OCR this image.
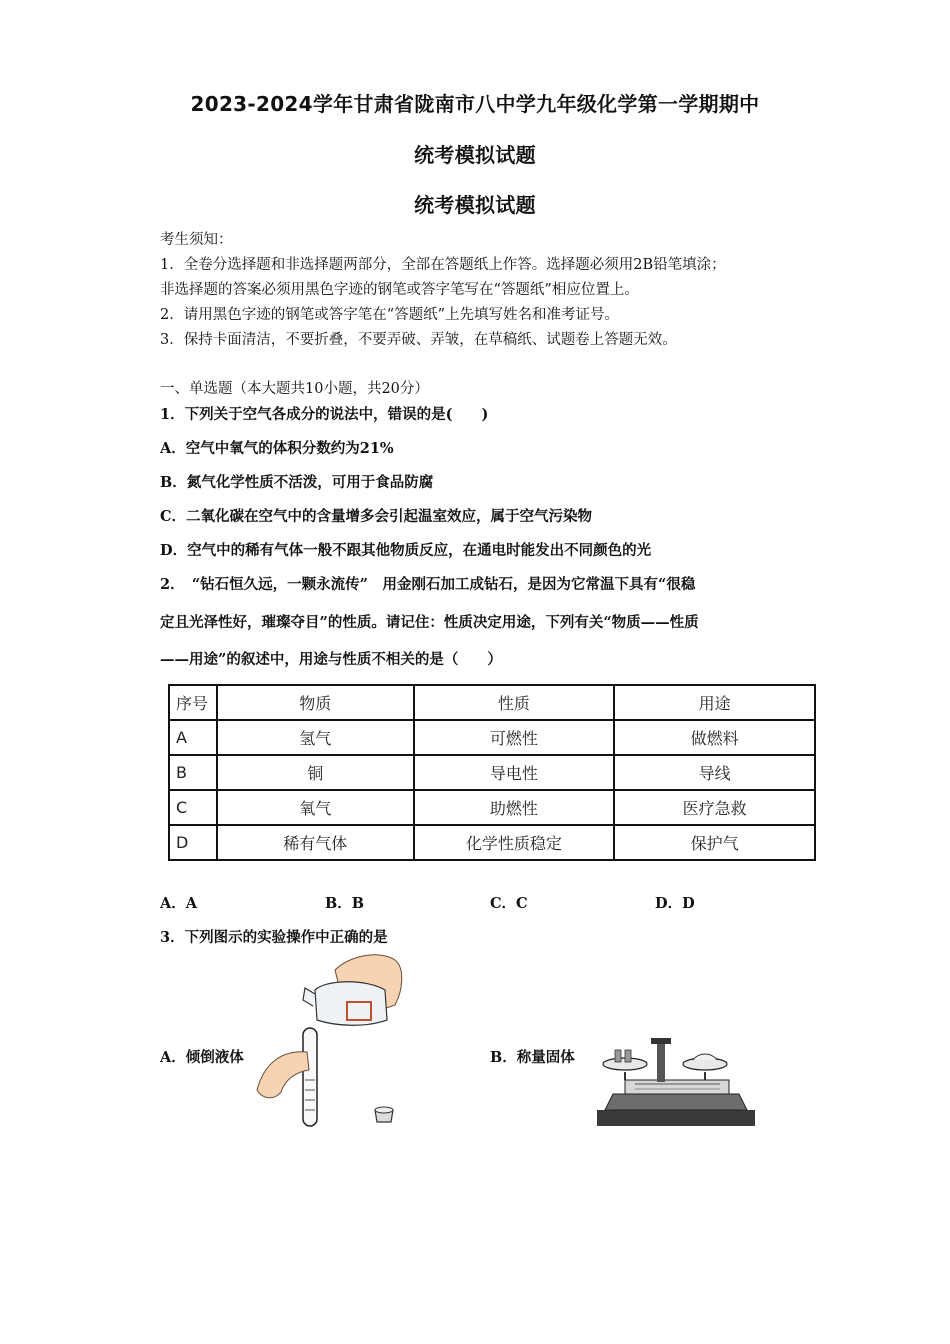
2023-2024学年甘肃省陇南市八中学九年级化学第一学期期中
统考模拟试题
统考模拟试题
考生须知：
1．全卷分选择题和非选择题两部分，全部在答题纸上作答。选择题必须用2B铅笔填涂；
非选择题的答案必须用黑色字迹的钢笔或答字笔写在“答题纸”相应位置上。
2．请用黑色字迹的钢笔或答字笔在“答题纸”上先填写姓名和准考证号。
3．保持卡面清洁，不要折叠，不要弄破、弄皱，在草稿纸、试题卷上答题无效。
一、单选题（本大题共10小题，共20分）
1．下列关于空气各成分的说法中，错误的是(　　)
A．空气中氧气的体积分数约为21%
B．氮气化学性质不活泼，可用于食品防腐
C．二氧化碳在空气中的含量增多会引起温室效应，属于空气污染物
D．空气中的稀有气体一般不跟其他物质反应，在通电时能发出不同颜色的光
2．　“钻石恒久远，一颗永流传”　用金刚石加工成钻石，是因为它常温下具有“很稳
定且光泽性好，璀璨夺目”的性质。请记住：性质决定用途，下列有关“物质——性质
——用途”的叙述中，用途与性质不相关的是（　　）
序号	物质	性质	用途
A	氢气	可燃性	做燃料
B	铜	导电性	导线
C	氧气	助燃性	医疗急救
D	稀有气体	化学性质稳定	保护气
A．A	B．B	C．C	D．D
3．下列图示的实验操作中正确的是
A．倾倒液体	B．称量固体
